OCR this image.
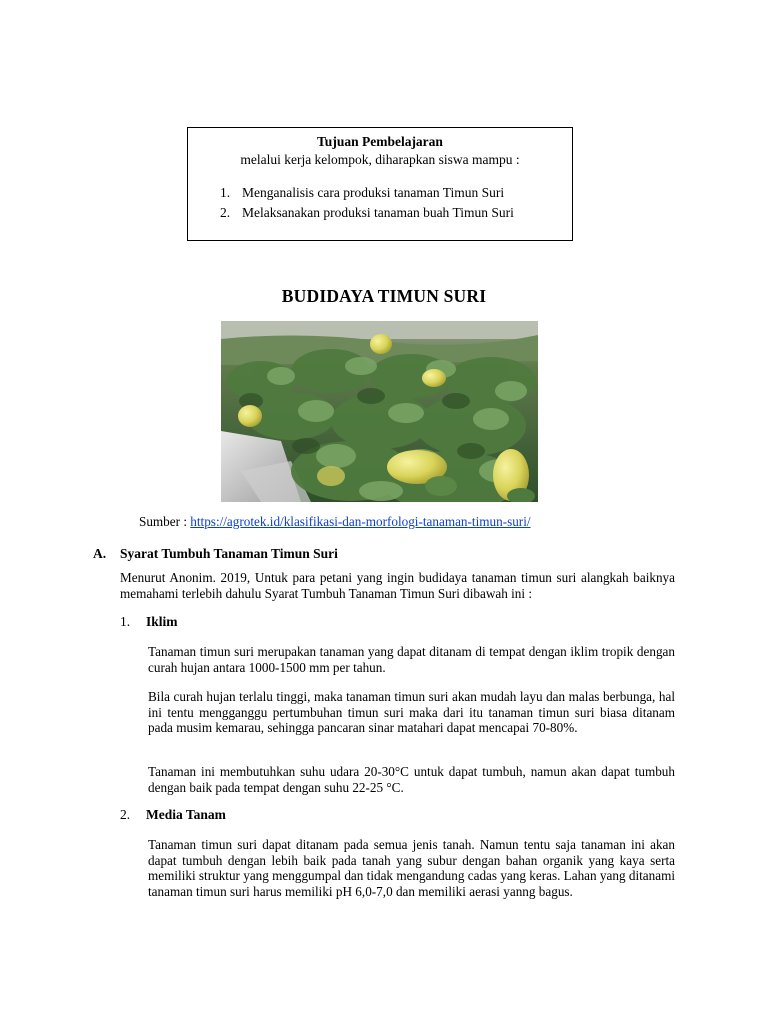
Tujuan Pembelajaran
melalui kerja kelompok, diharapkan siswa mampu :
1. Menganalisis cara produksi tanaman Timun Suri
2. Melaksanakan produksi tanaman buah Timun Suri
BUDIDAYA TIMUN SURI
Sumber : https://agrotek.id/klasifikasi-dan-morfologi-tanaman-timun-suri/
A. Syarat Tumbuh Tanaman Timun Suri

Menurut Anonim. 2019, Untuk para petani yang ingin budidaya tanaman timun suri alangkah baiknya memahami terlebih dahulu Syarat Tumbuh Tanaman Timun Suri dibawah ini :

1. Iklim

Tanaman timun suri merupakan tanaman yang dapat ditanam di tempat dengan iklim tropik dengan curah hujan antara 1000-1500 mm per tahun.

Bila curah hujan terlalu tinggi, maka tanaman timun suri akan mudah layu dan malas berbunga, hal ini tentu mengganggu pertumbuhan timun suri maka dari itu tanaman timun suri biasa ditanam pada musim kemarau, sehingga pancaran sinar matahari dapat mencapai 70-80%.

Tanaman ini membutuhkan suhu udara 20-30°C untuk dapat tumbuh, namun akan dapat tumbuh dengan baik pada tempat dengan suhu 22-25 °C.

2. Media Tanam

Tanaman timun suri dapat ditanam pada semua jenis tanah. Namun tentu saja tanaman ini akan dapat tumbuh dengan lebih baik pada tanah yang subur dengan bahan organik yang kaya serta memiliki struktur yang menggumpal dan tidak mengandung cadas yang keras. Lahan yang ditanami tanaman timun suri harus memiliki pH 6,0-7,0 dan memiliki aerasi yanng bagus.
